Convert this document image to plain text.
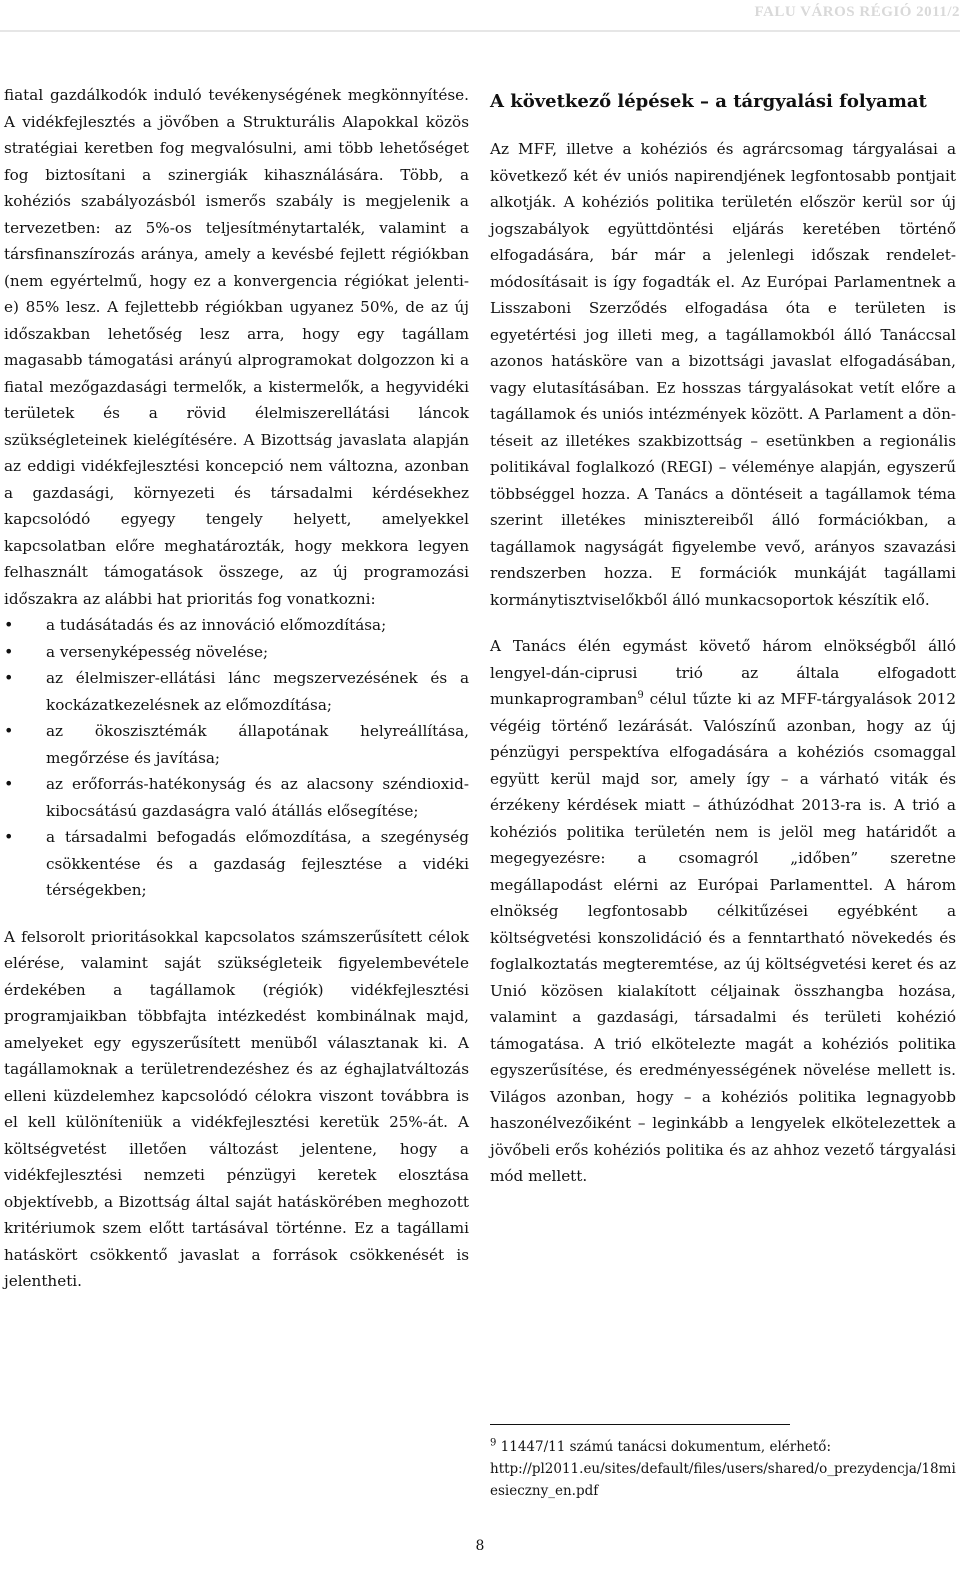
FALU VÁROS RÉGIÓ 2011/2

fiatal gazdálkodók induló tevékenységének megkönnyítése. A vidékfejlesztés a jövőben a Strukturális Alapokkal közös stratégiai keretben fog megvalósulni, ami több lehetőséget fog biztosítani a szinergiák kihasználására. Több, a kohéziós szabályozásból ismerős szabály is megjelenik a tervezetben: az 5%-os teljesítménytartalék, valamint a társfinanszírozás aránya, amely a kevésbé fejlett régiókban (nem egyértelmű, hogy ez a konvergencia régiókat jelenti-e) 85% lesz. A fejlettebb régiókban ugyanez 50%, de az új időszakban lehetőség lesz arra, hogy egy tagállam magasabb támogatási arányú alprogramokat dolgozzon ki a fiatal mezőgazdasági termelők, a kistermelők, a hegyvidéki területek és a rövid élelmiszerellátási láncok szükségleteinek kielégítésére. A Bizottság javaslata alapján az eddigi vidékfejlesztési koncepció nem változna, azonban a gazdasági, környezeti és társadalmi kérdésekhez kapcsolódó egyegy tengely helyett, amelyekkel kapcsolatban előre meghatározták, hogy mekkora legyen felhasznált támogatások összege, az új programozási időszakra az alábbi hat prioritás fog vonatkozni:

• a tudásátadás és az innováció előmozdítása;
• a versenyképesség növelése;
• az élelmiszer-ellátási lánc megszervezésének és a kockázatkezelésnek az előmozdítása;
• az ökoszisztémák állapotának helyreállítása, megőrzése és javítása;
• az erőforrás-hatékonyság és az alacsony széndioxid-kibocsátású gazdaságra való átállás elősegítése;
• a társadalmi befogadás előmozdítása, a szegénység csökkentése és a gazdaság fejlesztése a vidéki térségekben;

A felsorolt prioritásokkal kapcsolatos számszerűsített célok elérése, valamint saját szükségleteik figyelembevétele érdekében a tagállamok (régiók) vidékfejlesztési programjaikban többfajta intézkedést kombinálnak majd, amelyeket egy egyszerűsített menüből választanak ki. A tagállamoknak a területrendezéshez és az éghajlatváltozás elleni küzdelemhez kapcsolódó célokra viszont továbbra is el kell különíteniük a vidékfejlesztési keretük 25%-át. A költségvetést illetően változást jelentene, hogy a vidékfejlesztési nemzeti pénzügyi keretek elosztása objektívebb, a Bizottság által saját hatáskörében meghozott kritériumok szem előtt tartásával történne. Ez a tagállami hatáskört csökkentő javaslat a források csökkenését is jelentheti.

A következő lépések – a tárgyalási folyamat

Az MFF, illetve a kohéziós és agrárcsomag tárgyalásai a következő két év uniós napirendjének legfontosabb pontjait alkotják. A kohéziós politika területén először kerül sor új jogszabályok együttdöntési eljárás keretében történő elfogadására, bár már a jelenlegi időszak rendelet-módosításait is így fogadták el. Az Európai Parlamentnek a Lisszaboni Szerződés elfogadása óta e területen is egyetértési jog illeti meg, a tagállamokból álló Tanáccsal azonos hatásköre van a bizottsági javaslat elfogadásában, vagy elutasításában. Ez hosszas tárgyalásokat vetít előre a tagállamok és uniós intézmények között. A Parlament a döntéseit az illetékes szakbizottság – esetünkben a regionális politikával foglalkozó (REGI) – véleménye alapján, egyszerű többséggel hozza. A Tanács a döntéseit a tagállamok téma szerint illetékes minisztereiből álló formációkban, a tagállamok nagyságát figyelembe vevő, arányos szavazási rendszerben hozza. E formációk munkáját tagállami kormánytisztviselőkből álló munkacsoportok készítik elő.

A Tanács élén egymást követő három elnökségből álló lengyel-dán-ciprusi trió az általa elfogadott munkaprogramban$^9$ célul tűzte ki az MFF-tárgyalások 2012 végéig történő lezárását. Valószínű azonban, hogy az új pénzügyi perspektíva elfogadására a kohéziós csomaggal együtt kerül majd sor, amely így – a várható viták és érzékeny kérdések miatt – áthúzódhat 2013-ra is. A trió a kohéziós politika területén nem is jelöl meg határidőt a megegyezésre: a csomagról „időben” szeretne megállapodást elérni az Európai Parlamenttel. A három elnökség legfontosabb célkitűzései egyébként a költségvetési konszolidáció és a fenntartható növekedés és foglalkoztatás megteremtése, az új költségvetési keret és az Unió közösen kialakított céljainak összhangba hozása, valamint a gazdasági, társadalmi és területi kohézió támogatása. A trió elkötelezte magát a kohéziós politika egyszerűsítése, és eredményességének növelése mellett is. Világos azonban, hogy – a kohéziós politika legnagyobb haszonélvezőiként – leginkább a lengyelek elkötelezettek a jövőbeli erős kohéziós politika és az ahhoz vezető tárgyalási mód mellett.

$^9$ 11447/11 számú tanácsi dokumentum, elérhető: http://pl2011.eu/sites/default/files/users/shared/o_prezydencja/18miesieczny_en.pdf
8
